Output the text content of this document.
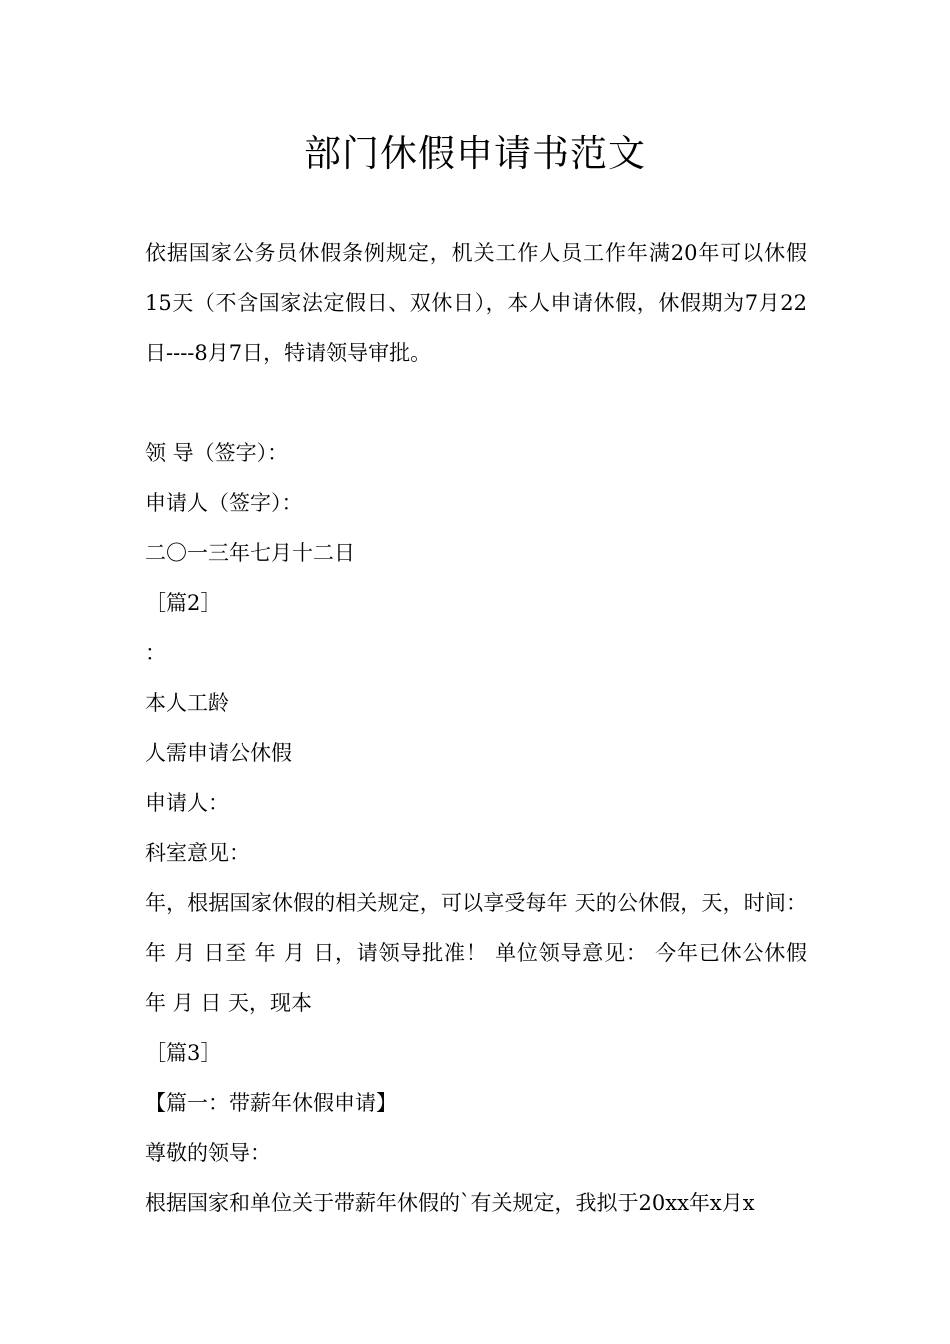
部门休假申请书范文

依据国家公务员休假条例规定，机关工作人员工作年满20年可以休假15天（不含国家法定假日、双休日），本人申请休假，休假期为7月22日----8月7日，特请领导审批。

领 导（签字）：

申请人（签字）：

二〇一三年七月十二日

［篇2］

：

本人工龄

人需申请公休假

申请人：

科室意见：

年，根据国家休假的相关规定，可以享受每年 天的公休假，天，时间： 年 月 日至 年 月 日，请领导批准！ 单位领导意见： 今年已休公休假 年 月 日 天，现本

［篇3］

【篇一：带薪年休假申请】

尊敬的领导：

根据国家和单位关于带薪年休假的`有关规定，我拟于20xx年x月x
